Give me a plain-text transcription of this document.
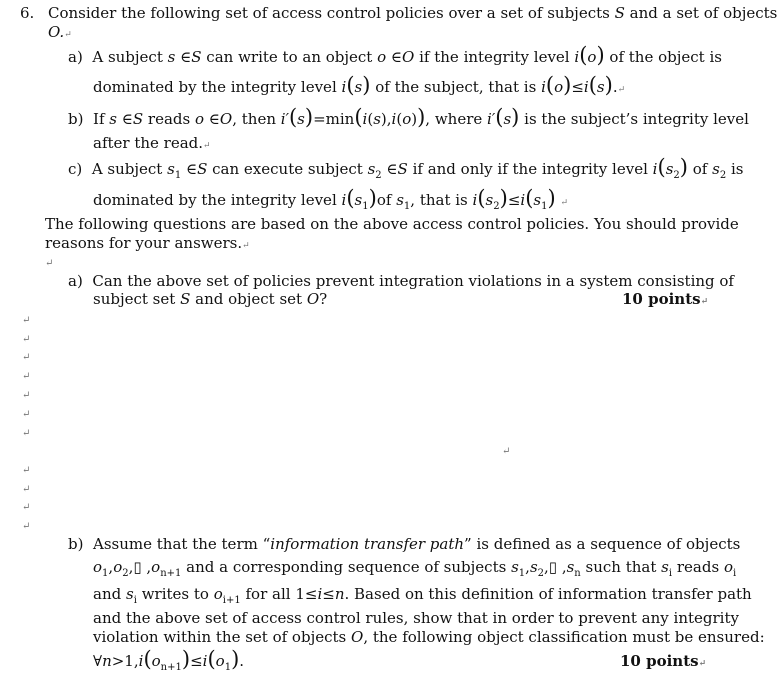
6. Consider the following set of access control policies over a set of subjects S and a set of objects
O.↵
a) A subject s ∈S can write to an object o ∈O if the integrity level i(o) of the object is
dominated by the integrity level i(s) of the subject, that is i(o)≤i(s).↵
b) If s ∈S reads o ∈O, then i′(s)=min(i(s),i(o)), where i′(s) is the subject’s integrity level
after the read.↵
c) A subject $s_1$ ∈S can execute subject $s_2$ ∈S if and only if the integrity level $i(s_2)$ of $s_2$ is
dominated by the integrity level $i(s_1)of$ $s_1$, that is $i(s_2)\le i(s_1)$ ↵
The following questions are based on the above access control policies. You should provide
reasons for your answers.↵
↵
a) Can the above set of policies prevent integration violations in a system consisting of
subject set S and object set O?	10 points↵
↵
↵
↵
↵
↵
↵
↵
↵
↵
↵
↵
↵
b) Assume that the term “information transfer path” is defined as a sequence of objects
$o_1,o_2,▯$ $,o_{n+1}$ and a corresponding sequence of subjects $s_1,s_2,▯$ $,s_n$ such that $s_i$ reads $o_i$
and $s_i$ writes to $o_{i+1}$ for all 1≤i≤n. Based on this definition of information transfer path
and the above set of access control rules, show that in order to prevent any integrity
violation within the set of objects O, the following object classification must be ensured:
$\forall n>1,i(o_{n+1})\le i(o_1)$.	10 points↵
